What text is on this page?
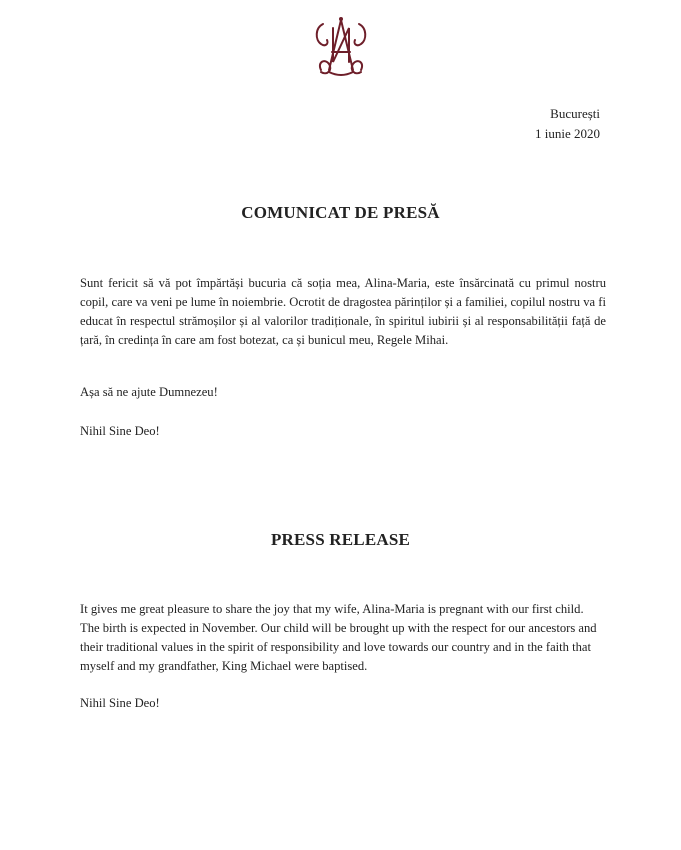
București
1 iunie 2020
COMUNICAT DE PRESĂ

Sunt fericit să vă pot împărtăși bucuria că soția mea, Alina-Maria, este însărcinată cu primul nostru copil, care va veni pe lume în noiembrie. Ocrotit de dragostea părinților și a familiei, copilul nostru va fi educat în respectul strămoșilor și al valorilor tradiționale, în spiritul iubirii și al responsabilității față de țară, în credința în care am fost botezat, ca și bunicul meu, Regele Mihai.

Așa să ne ajute Dumnezeu!

Nihil Sine Deo!

PRESS RELEASE

It gives me great pleasure to share the joy that my wife, Alina-Maria is pregnant with our first child. The birth is expected in November. Our child will be brought up with the respect for our ancestors and their traditional values in the spirit of responsibility and love towards our country and in the faith that myself and my grandfather, King Michael were baptised.

Nihil Sine Deo!
